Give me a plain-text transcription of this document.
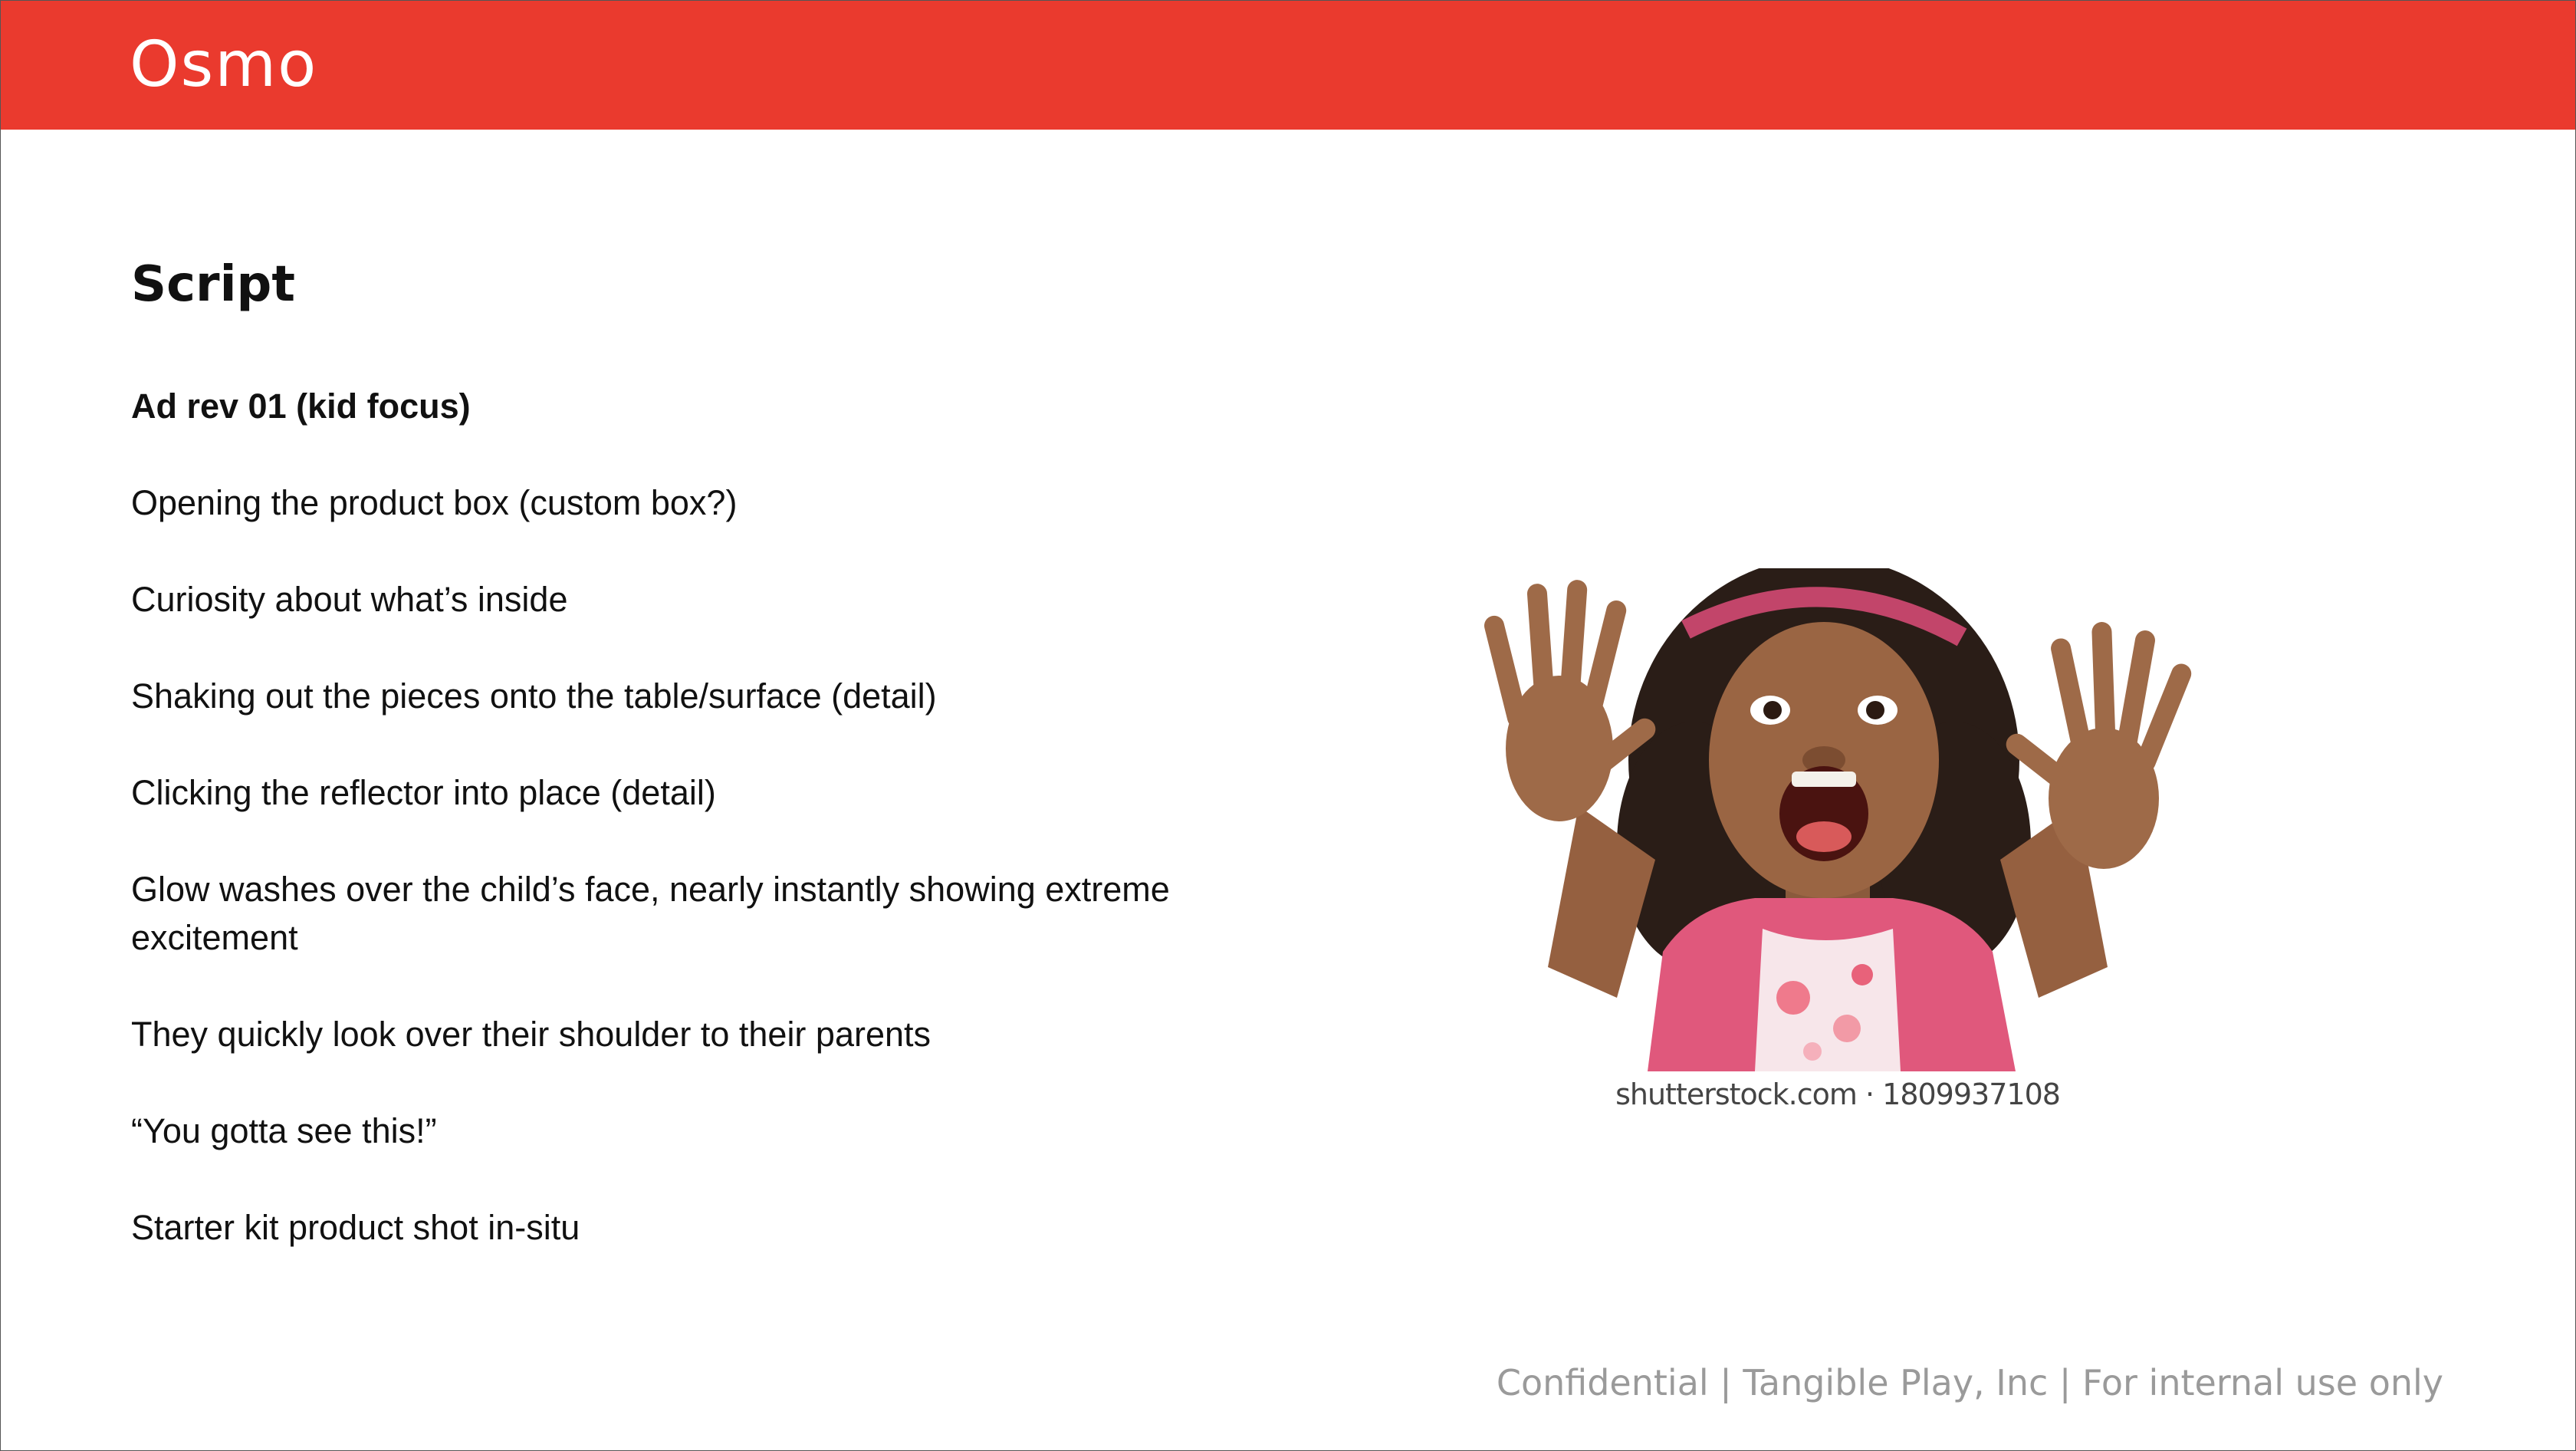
Osmo
Script
Ad rev 01 (kid focus)
Opening the product box (custom box?)
Curiosity about what’s inside
Shaking out the pieces onto the table/surface (detail)
Clicking the reflector into place (detail)
Glow washes over the child’s face, nearly instantly showing extreme excitement
They quickly look over their shoulder to their parents
“You gotta see this!”
Starter kit product shot in-situ
shutterstock.com · 1809937108
Confidential | Tangible Play, Inc | For internal use only
